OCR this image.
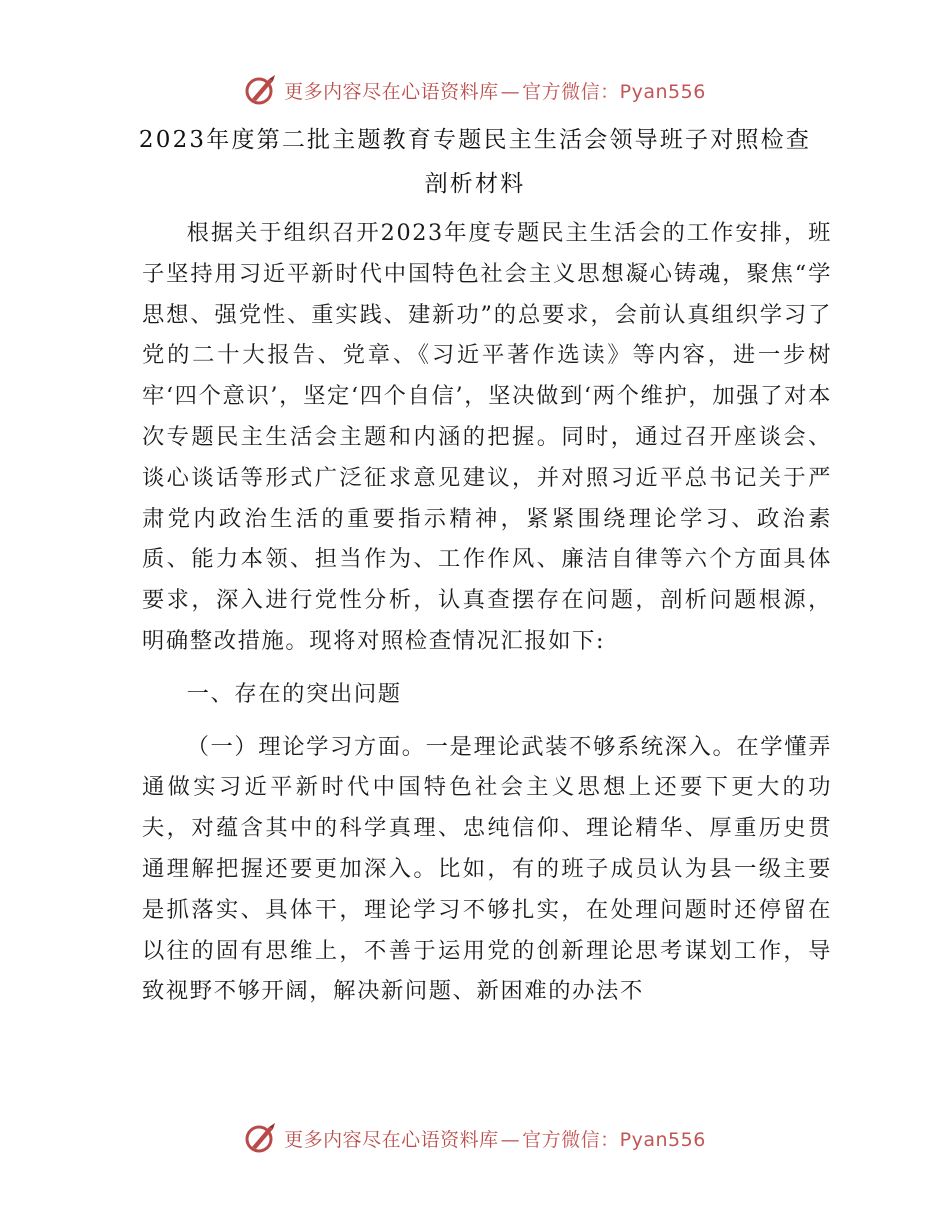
更多内容尽在心语资料库 — 官方微信：Pyan556
2023年度第二批主题教育专题民主生活会领导班子对照检查
剖析材料

根据关于组织召开2023年度专题民主生活会的工作安排，班子坚持用习近平新时代中国特色社会主义思想凝心铸魂，聚焦“学思想、强党性、重实践、建新功”的总要求，会前认真组织学习了党的二十大报告、党章、《习近平著作选读》等内容，进一步树牢‘四个意识’，坚定‘四个自信’，坚决做到‘两个维护，加强了对本次专题民主生活会主题和内涵的把握。同时，通过召开座谈会、谈心谈话等形式广泛征求意见建议，并对照习近平总书记关于严肃党内政治生活的重要指示精神，紧紧围绕理论学习、政治素质、能力本领、担当作为、工作作风、廉洁自律等六个方面具体要求，深入进行党性分析，认真查摆存在问题，剖析问题根源，明确整改措施。现将对照检查情况汇报如下:

一、存在的突出问题

（一）理论学习方面。一是理论武装不够系统深入。在学懂弄通做实习近平新时代中国特色社会主义思想上还要下更大的功夫，对蕴含其中的科学真理、忠纯信仰、理论精华、厚重历史贯通理解把握还要更加深入。比如，有的班子成员认为县一级主要是抓落实、具体干，理论学习不够扎实，在处理问题时还停留在以往的固有思维上，不善于运用党的创新理论思考谋划工作，导致视野不够开阔，解决新问题、新困难的办法不

更多内容尽在心语资料库 — 官方微信：Pyan556
